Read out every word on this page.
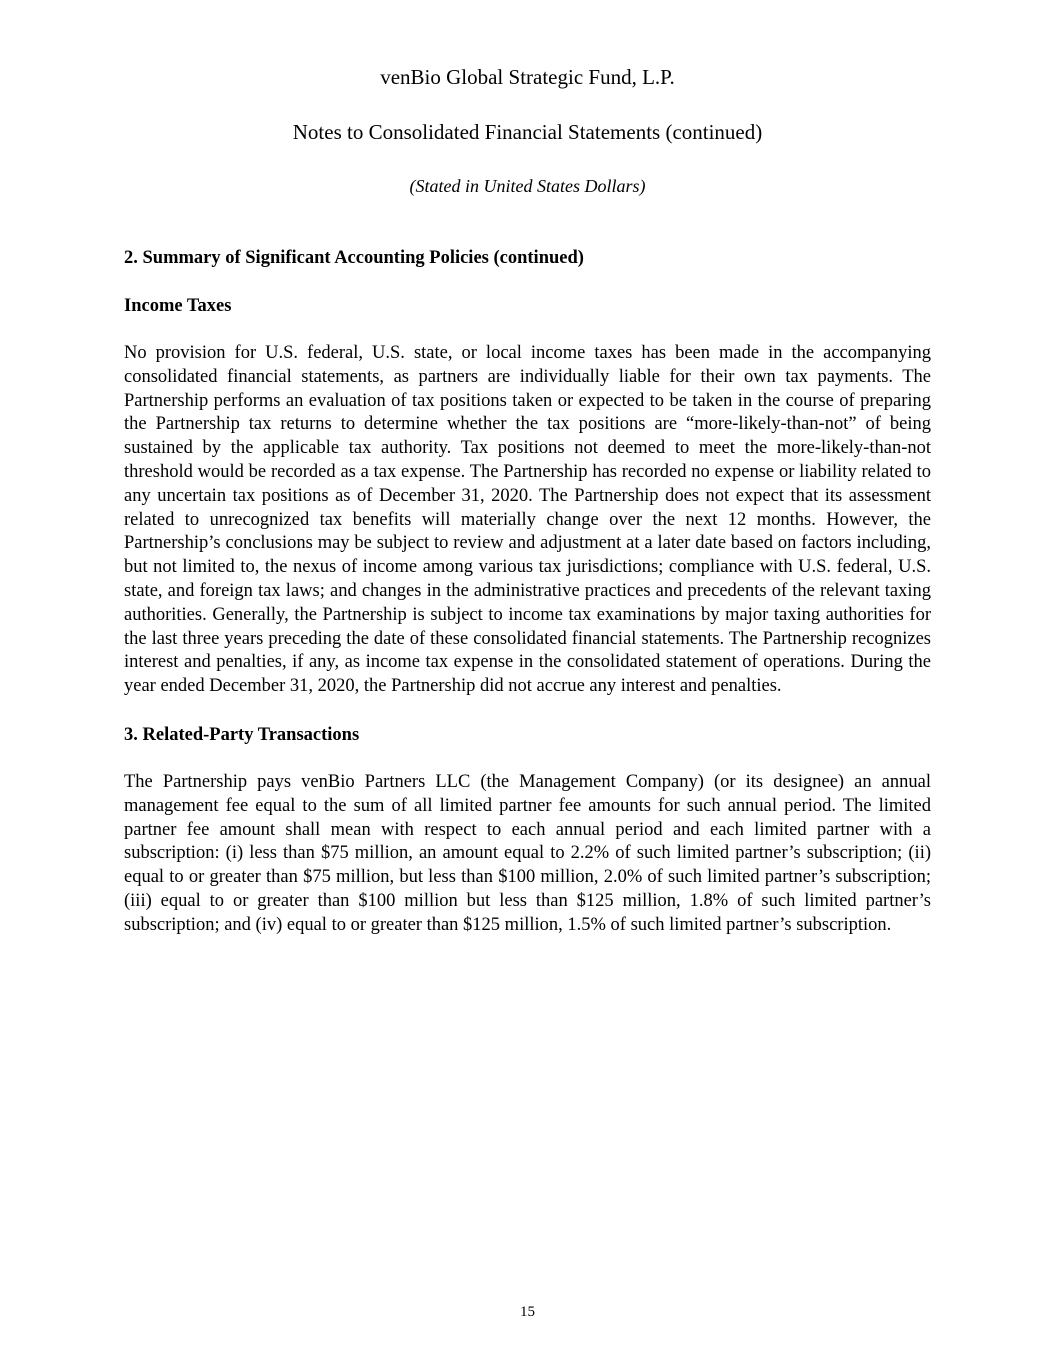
venBio Global Strategic Fund, L.P.
Notes to Consolidated Financial Statements (continued)
(Stated in United States Dollars)
2. Summary of Significant Accounting Policies (continued)
Income Taxes

No provision for U.S. federal, U.S. state, or local income taxes has been made in the accompanying consolidated financial statements, as partners are individually liable for their own tax payments. The Partnership performs an evaluation of tax positions taken or expected to be taken in the course of preparing the Partnership tax returns to determine whether the tax positions are “more-likely-than-not” of being sustained by the applicable tax authority. Tax positions not deemed to meet the more-likely-than-not threshold would be recorded as a tax expense. The Partnership has recorded no expense or liability related to any uncertain tax positions as of December 31, 2020. The Partnership does not expect that its assessment related to unrecognized tax benefits will materially change over the next 12 months. However, the Partnership’s conclusions may be subject to review and adjustment at a later date based on factors including, but not limited to, the nexus of income among various tax jurisdictions; compliance with U.S. federal, U.S. state, and foreign tax laws; and changes in the administrative practices and precedents of the relevant taxing authorities. Generally, the Partnership is subject to income tax examinations by major taxing authorities for the last three years preceding the date of these consolidated financial statements. The Partnership recognizes interest and penalties, if any, as income tax expense in the consolidated statement of operations. During the year ended December 31, 2020, the Partnership did not accrue any interest and penalties.

3. Related-Party Transactions

The Partnership pays venBio Partners LLC (the Management Company) (or its designee) an annual management fee equal to the sum of all limited partner fee amounts for such annual period. The limited partner fee amount shall mean with respect to each annual period and each limited partner with a subscription: (i) less than $75 million, an amount equal to 2.2% of such limited partner’s subscription; (ii) equal to or greater than $75 million, but less than $100 million, 2.0% of such limited partner’s subscription; (iii) equal to or greater than $100 million but less than $125 million, 1.8% of such limited partner’s subscription; and (iv) equal to or greater than $125 million, 1.5% of such limited partner’s subscription.

15
